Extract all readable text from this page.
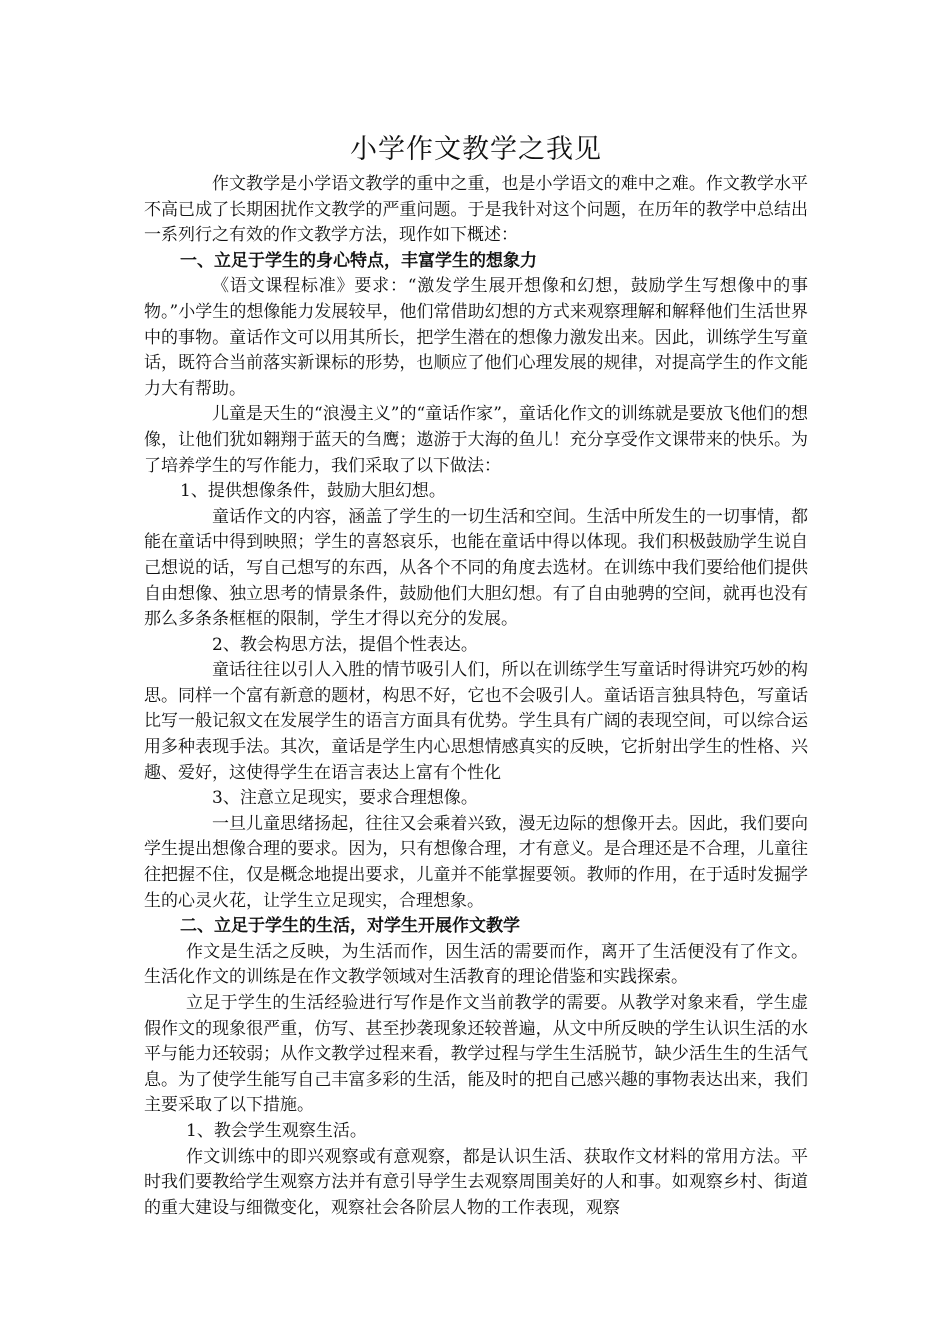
小学作文教学之我见

作文教学是小学语文教学的重中之重，也是小学语文的难中之难。作文教学水平不高已成了长期困扰作文教学的严重问题。于是我针对这个问题，在历年的教学中总结出一系列行之有效的作文教学方法，现作如下概述：

一、立足于学生的身心特点，丰富学生的想象力

《语文课程标准》要求：“激发学生展开想像和幻想，鼓励学生写想像中的事物。”小学生的想像能力发展较早，他们常借助幻想的方式来观察理解和解释他们生活世界中的事物。童话作文可以用其所长，把学生潜在的想像力激发出来。因此，训练学生写童话，既符合当前落实新课标的形势，也顺应了他们心理发展的规律，对提高学生的作文能力大有帮助。

儿童是天生的“浪漫主义”的“童话作家”，童话化作文的训练就是要放飞他们的想像，让他们犹如翱翔于蓝天的刍鹰；遨游于大海的鱼儿！充分享受作文课带来的快乐。为了培养学生的写作能力，我们采取了以下做法：

1、提供想像条件，鼓励大胆幻想。

童话作文的内容，涵盖了学生的一切生活和空间。生活中所发生的一切事情，都能在童话中得到映照；学生的喜怒哀乐，也能在童话中得以体现。我们积极鼓励学生说自己想说的话，写自己想写的东西，从各个不同的角度去选材。在训练中我们要给他们提供自由想像、独立思考的情景条件，鼓励他们大胆幻想。有了自由驰骋的空间，就再也没有那么多条条框框的限制，学生才得以充分的发展。

2、教会构思方法，提倡个性表达。

童话往往以引人入胜的情节吸引人们，所以在训练学生写童话时得讲究巧妙的构思。同样一个富有新意的题材，构思不好，它也不会吸引人。童话语言独具特色，写童话比写一般记叙文在发展学生的语言方面具有优势。学生具有广阔的表现空间，可以综合运用多种表现手法。其次，童话是学生内心思想情感真实的反映，它折射出学生的性格、兴趣、爱好，这使得学生在语言表达上富有个性化

3、注意立足现实，要求合理想像。

一旦儿童思绪扬起，往往又会乘着兴致，漫无边际的想像开去。因此，我们要向学生提出想像合理的要求。因为，只有想像合理，才有意义。是合理还是不合理，儿童往往把握不住，仅是概念地提出要求，儿童并不能掌握要领。教师的作用，在于适时发掘学生的心灵火花，让学生立足现实，合理想象。

二、立足于学生的生活，对学生开展作文教学

作文是生活之反映，为生活而作，因生活的需要而作，离开了生活便没有了作文。生活化作文的训练是在作文教学领域对生活教育的理论借鉴和实践探索。

立足于学生的生活经验进行写作是作文当前教学的需要。从教学对象来看，学生虚假作文的现象很严重，仿写、甚至抄袭现象还较普遍，从文中所反映的学生认识生活的水平与能力还较弱；从作文教学过程来看，教学过程与学生生活脱节，缺少活生生的生活气息。为了使学生能写自己丰富多彩的生活，能及时的把自己感兴趣的事物表达出来，我们主要采取了以下措施。

1、教会学生观察生活。

作文训练中的即兴观察或有意观察，都是认识生活、获取作文材料的常用方法。平时我们要教给学生观察方法并有意引导学生去观察周围美好的人和事。如观察乡村、街道的重大建设与细微变化，观察社会各阶层人物的工作表现，观察
